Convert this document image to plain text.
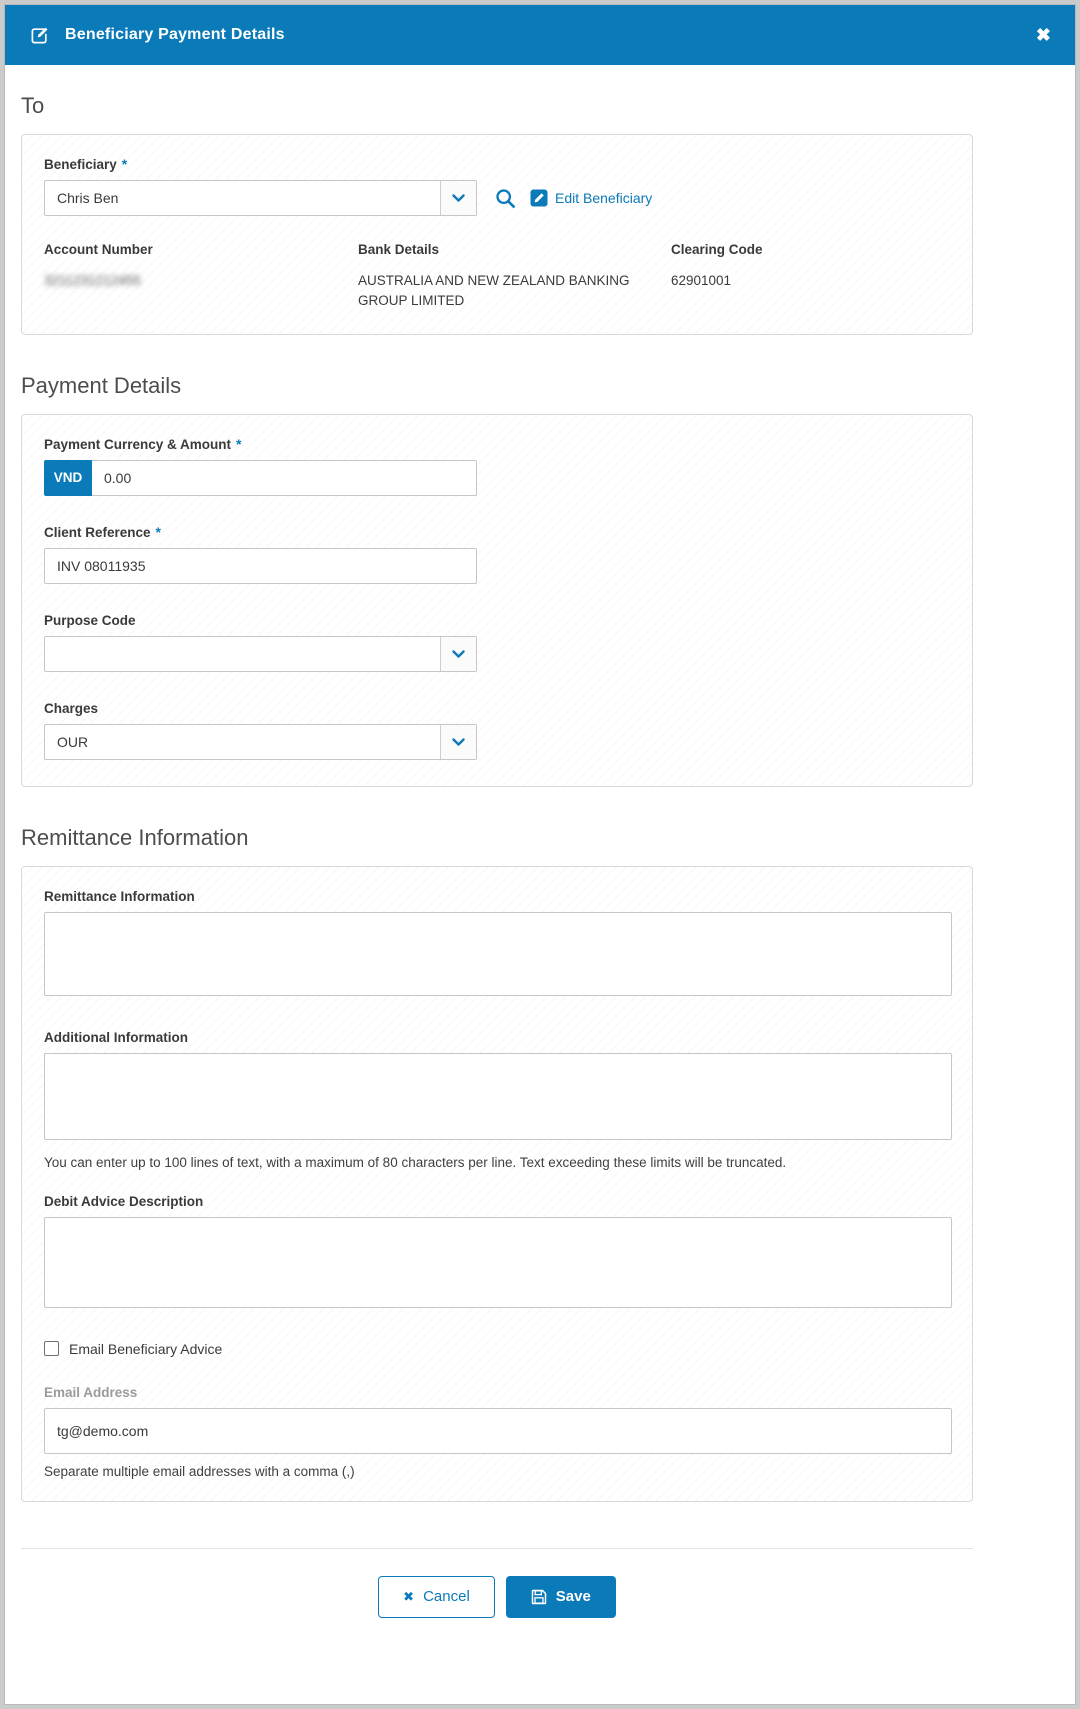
Beneficiary Payment Details	✖
To
Beneficiary *
Chris Ben	Edit Beneficiary
Account Number
3211231212455
Bank Details
AUSTRALIA AND NEW ZEALAND BANKING GROUP LIMITED
Clearing Code
62901001
Payment Details
Payment Currency & Amount *
VND
0.00
Client Reference *
INV 08011935
Purpose Code
Charges
OUR
Remittance Information
Remittance Information
Additional Information
You can enter up to 100 lines of text, with a maximum of 80 characters per line. Text exceeding these limits will be truncated.
Debit Advice Description
Email Beneficiary Advice
Email Address
tg@demo.com
Separate multiple email addresses with a comma (,)
✖ Cancel	Save
